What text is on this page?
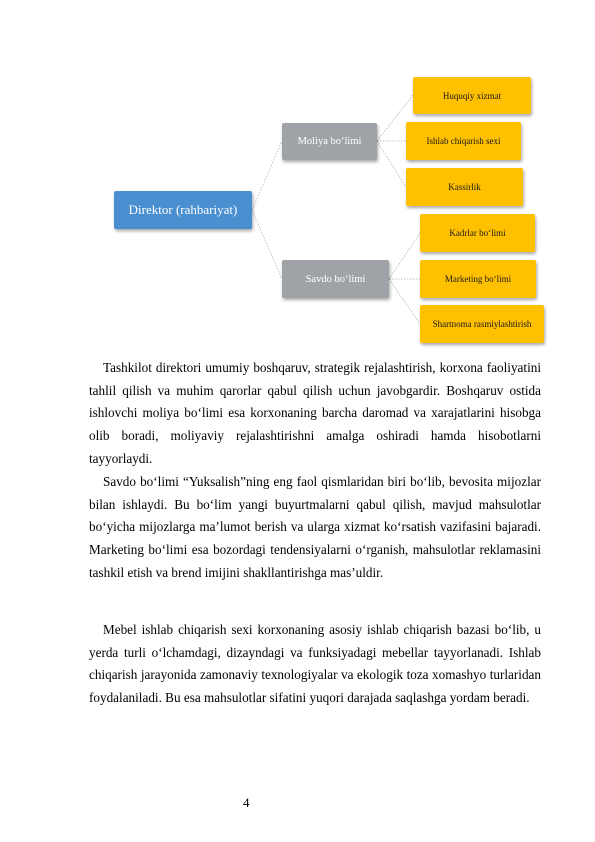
Direktor (rahbariyat)
Moliya bo‘limi
Savdo bo‘limi
Huquqiy xizmat
Ishlab chiqarish sexi
Kassirlik
Kadrlar bo‘limi
Marketing bo‘limi
Shartnoma rasmiylashtirish

Tashkilot direktori umumiy boshqaruv, strategik rejalashtirish, korxona faoliyatini tahlil qilish va muhim qarorlar qabul qilish uchun javobgardir. Boshqaruv ostida ishlovchi moliya bo‘limi esa korxonaning barcha daromad va xarajatlarini hisobga olib boradi, moliyaviy rejalashtirishni amalga oshiradi hamda hisobotlarni tayyorlaydi.

Savdo bo‘limi “Yuksalish”ning eng faol qismlaridan biri bo‘lib, bevosita mijozlar bilan ishlaydi. Bu bo‘lim yangi buyurtmalarni qabul qilish, mavjud mahsulotlar bo‘yicha mijozlarga ma’lumot berish va ularga xizmat ko‘rsatish vazifasini bajaradi. Marketing bo‘limi esa bozordagi tendensiyalarni o‘rganish, mahsulotlar reklamasini tashkil etish va brend imijini shakllantirishga mas’uldir.

Mebel ishlab chiqarish sexi korxonaning asosiy ishlab chiqarish bazasi bo‘lib, u yerda turli o‘lchamdagi, dizayndagi va funksiyadagi mebellar tayyorlanadi. Ishlab chiqarish jarayonida zamonaviy texnologiyalar va ekologik toza xomashyo turlaridan foydalaniladi. Bu esa mahsulotlar sifatini yuqori darajada saqlashga yordam beradi.

4
